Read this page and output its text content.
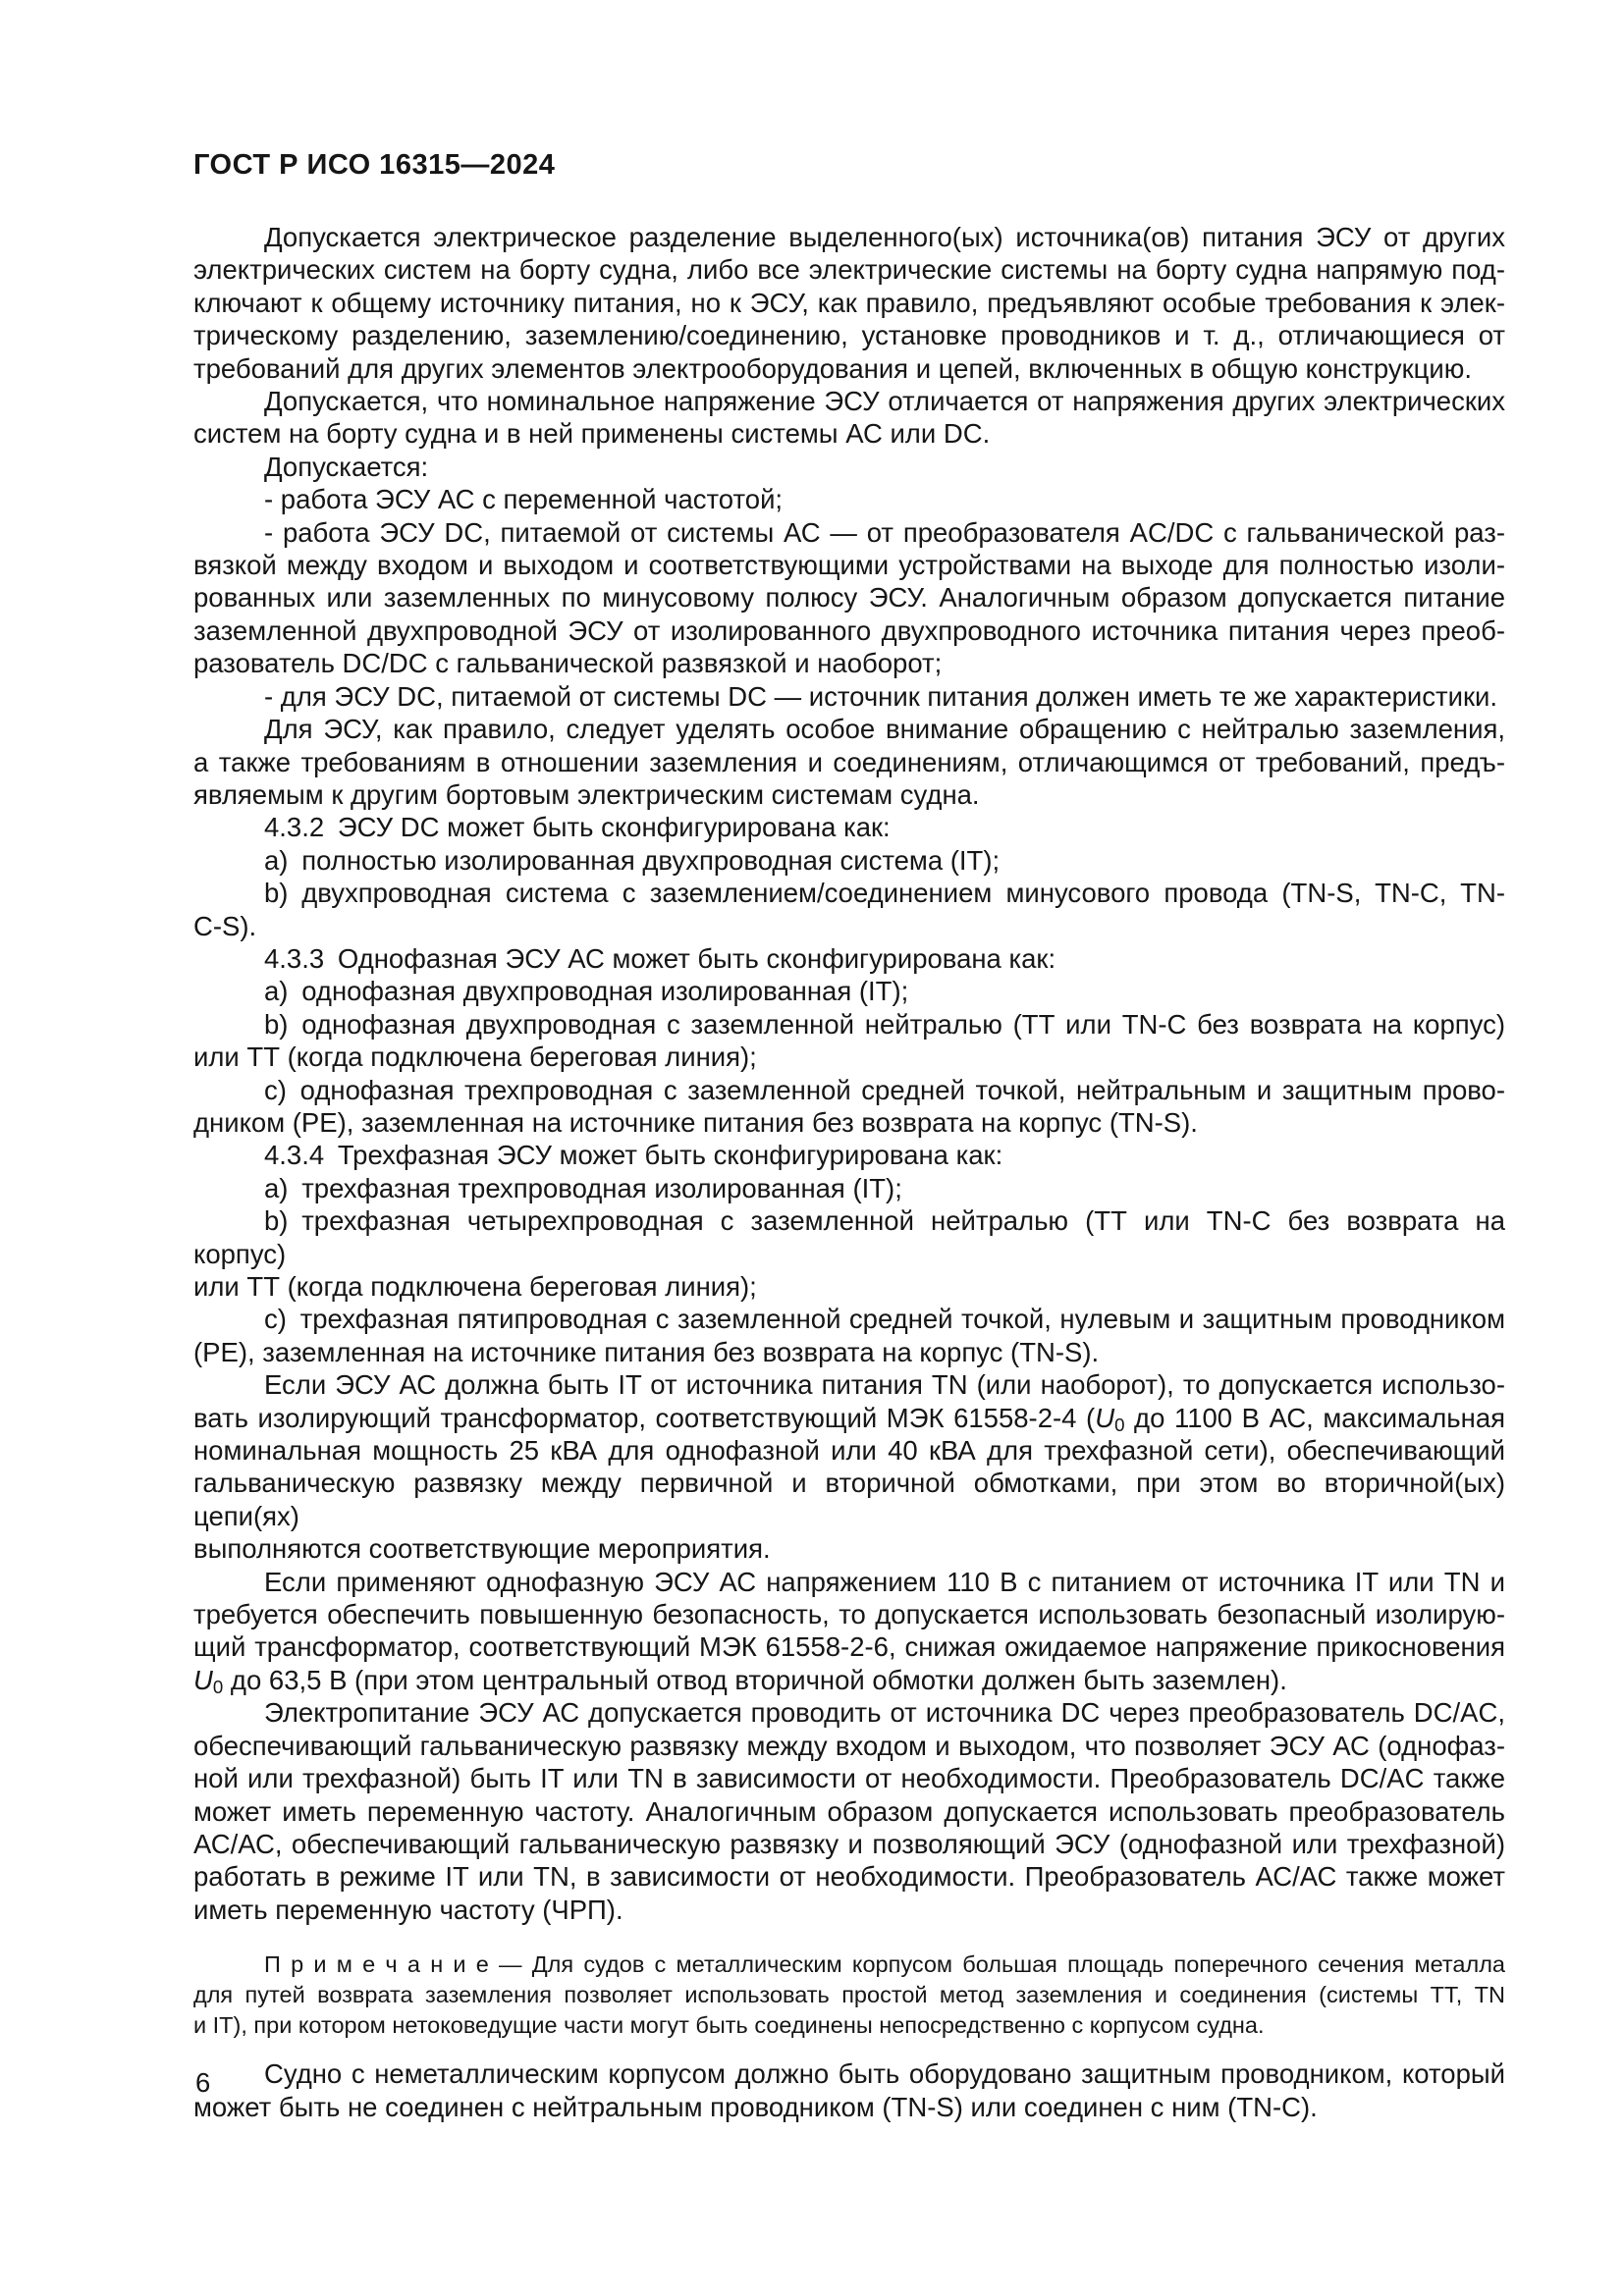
ГОСТ Р ИСО 16315—2024
Допускается электрическое разделение выделенного(ых) источника(ов) питания ЭСУ от других
электрических систем на борту судна, либо все электрические системы на борту судна напрямую под-
ключают к общему источнику питания, но к ЭСУ, как правило, предъявляют особые требования к элек-
трическому разделению, заземлению/соединению, установке проводников и т. д., отличающиеся от
требований для других элементов электрооборудования и цепей, включенных в общую конструкцию.
Допускается, что номинальное напряжение ЭСУ отличается от напряжения других электрических
систем на борту судна и в ней применены системы АС или DC.
Допускается:
- работа ЭСУ АС с переменной частотой;
- работа ЭСУ DC, питаемой от системы АС — от преобразователя AC/DC с гальванической раз-
вязкой между входом и выходом и соответствующими устройствами на выходе для полностью изоли-
рованных или заземленных по минусовому полюсу ЭСУ. Аналогичным образом допускается питание
заземленной двухпроводной ЭСУ от изолированного двухпроводного источника питания через преоб-
разователь DC/DC с гальванической развязкой и наоборот;
- для ЭСУ DC, питаемой от системы DC — источник питания должен иметь те же характеристики.
Для ЭСУ, как правило, следует уделять особое внимание обращению с нейтралью заземления,
а также требованиям в отношении заземления и соединениям, отличающимся от требований, предъ-
являемым к другим бортовым электрическим системам судна.
4.3.2 ЭСУ DC может быть сконфигурирована как:
a) полностью изолированная двухпроводная система (IT);
b) двухпроводная система с заземлением/соединением минусового провода (TN-S, TN-C, TN-
C-S).
4.3.3 Однофазная ЭСУ АС может быть сконфигурирована как:
a) однофазная двухпроводная изолированная (IT);
b) однофазная двухпроводная с заземленной нейтралью (ТТ или TN-C без возврата на корпус)
или ТТ (когда подключена береговая линия);
c) однофазная трехпроводная с заземленной средней точкой, нейтральным и защитным прово-
дником (PE), заземленная на источнике питания без возврата на корпус (TN-S).
4.3.4 Трехфазная ЭСУ может быть сконфигурирована как:
a) трехфазная трехпроводная изолированная (IT);
b) трехфазная четырехпроводная с заземленной нейтралью (ТТ или TN-C без возврата на корпус)
или ТТ (когда подключена береговая линия);
c) трехфазная пятипроводная с заземленной средней точкой, нулевым и защитным проводником
(PE), заземленная на источнике питания без возврата на корпус (TN-S).
Если ЭСУ АС должна быть IT от источника питания TN (или наоборот), то допускается использо-
вать изолирующий трансформатор, соответствующий МЭК 61558-2-4 ($U_0$ до 1100 В АС, максимальная
номинальная мощность 25 кВА для однофазной или 40 кВА для трехфазной сети), обеспечивающий
гальваническую развязку между первичной и вторичной обмотками, при этом во вторичной(ых) цепи(ях)
выполняются соответствующие мероприятия.
Если применяют однофазную ЭСУ АС напряжением 110 В с питанием от источника IT или TN и
требуется обеспечить повышенную безопасность, то допускается использовать безопасный изолирую-
щий трансформатор, соответствующий МЭК 61558-2-6, снижая ожидаемое напряжение прикосновения
$U_0$ до 63,5 В (при этом центральный отвод вторичной обмотки должен быть заземлен).
Электропитание ЭСУ АС допускается проводить от источника DC через преобразователь DC/AC,
обеспечивающий гальваническую развязку между входом и выходом, что позволяет ЭСУ АС (однофаз-
ной или трехфазной) быть IT или TN в зависимости от необходимости. Преобразователь DC/AC также
может иметь переменную частоту. Аналогичным образом допускается использовать преобразователь
АС/АС, обеспечивающий гальваническую развязку и позволяющий ЭСУ (однофазной или трехфазной)
работать в режиме IT или TN, в зависимости от необходимости. Преобразователь АС/АС также может
иметь переменную частоту (ЧРП).
П р и м е ч а н и е — Для судов с металлическим корпусом большая площадь поперечного сечения металла
для путей возврата заземления позволяет использовать простой метод заземления и соединения (системы ТТ, TN
и IT), при котором нетоковедущие части могут быть соединены непосредственно с корпусом судна.
Судно с неметаллическим корпусом должно быть оборудовано защитным проводником, который
может быть не соединен с нейтральным проводником (TN-S) или соединен с ним (TN-C).
6
